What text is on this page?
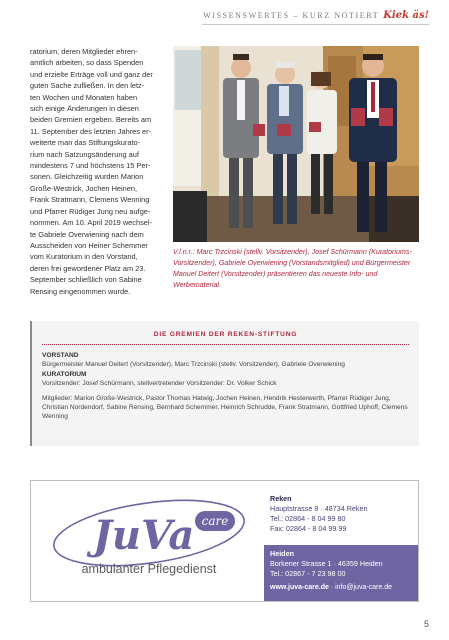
WISSENSWERTES – KURZ NOTIERT Kiek äs!
ratorium, deren Mitglieder ehren-
amtlich arbeiten, so dass Spenden
und erzielte Erträge voll und ganz der
guten Sache zufließen. In den letz-
ten Wochen und Monaten haben
sich einige Änderungen in diesen
beiden Gremien ergeben. Bereits am
11. September des letzten Jahres er-
weiterte man das Stiftungskurato-
rium nach Satzungsänderung auf
mindestens 7 und höchstens 15 Per-
sonen. Gleichzeitig wurden Marion
Große-Westrick, Jochen Heinen,
Frank Stratmann, Clemens Wenning
und Pfarrer Rüdiger Jung neu aufge-
nommen. Am 10. April 2019 wechsel-
te Gabriele Overwiening nach dem
Ausscheiden von Heiner Schemmer
vom Kuratorium in den Vorstand,
deren frei gewordener Platz am 23.
September schließlich von Sabine
Rensing eingenommen wurde.
V.l.n.r.: Marc Trzcinski (stellv. Vorsitzender), Josef Schürmann (Kuratoriums-Vorsitzender), Gabriele Overwiening (Vorstandsmitglied) und Bürgermeister Manuel Deitert (Vorsitzender) präsentieren das neueste Info- und Werbematerial.
DIE GREMIEN DER REKEN-STIFTUNG

VORSTAND

Bürgermeister Manuel Deitert (Vorsitzender), Marc Trzcinski (stellv. Vorsitzender), Gabriele Overwiening

KURATORIUM

Vorsitzender: Josef Schürmann, stellvertretender Vorsitzender: Dr. Volker Schick

Mitglieder: Marion Große-Westrick, Pastor Thomas Hatwig, Jochen Heinen, Hendrik Hesterwerth, Pfarrer Rüdiger Jung, Christian Nordendorf, Sabine Rensing, Bernhard Schemmer, Heinrich Schrudde, Frank Stratmann, Gottfried Uphoff, Clemens Wenning

JuVa care
ambulanter Pflegedienst
Reken
Hauptstrasse 8 · 48734 Reken
Tel.: 02864 - 8 04 99 80
Fax: 02864 - 8 04 99 99
Heiden
Borkener Strasse 1 · 46359 Heiden
Tel.: 02867 - 7 23 98 00
www.juva-care.de · info@juva-care.de
5
